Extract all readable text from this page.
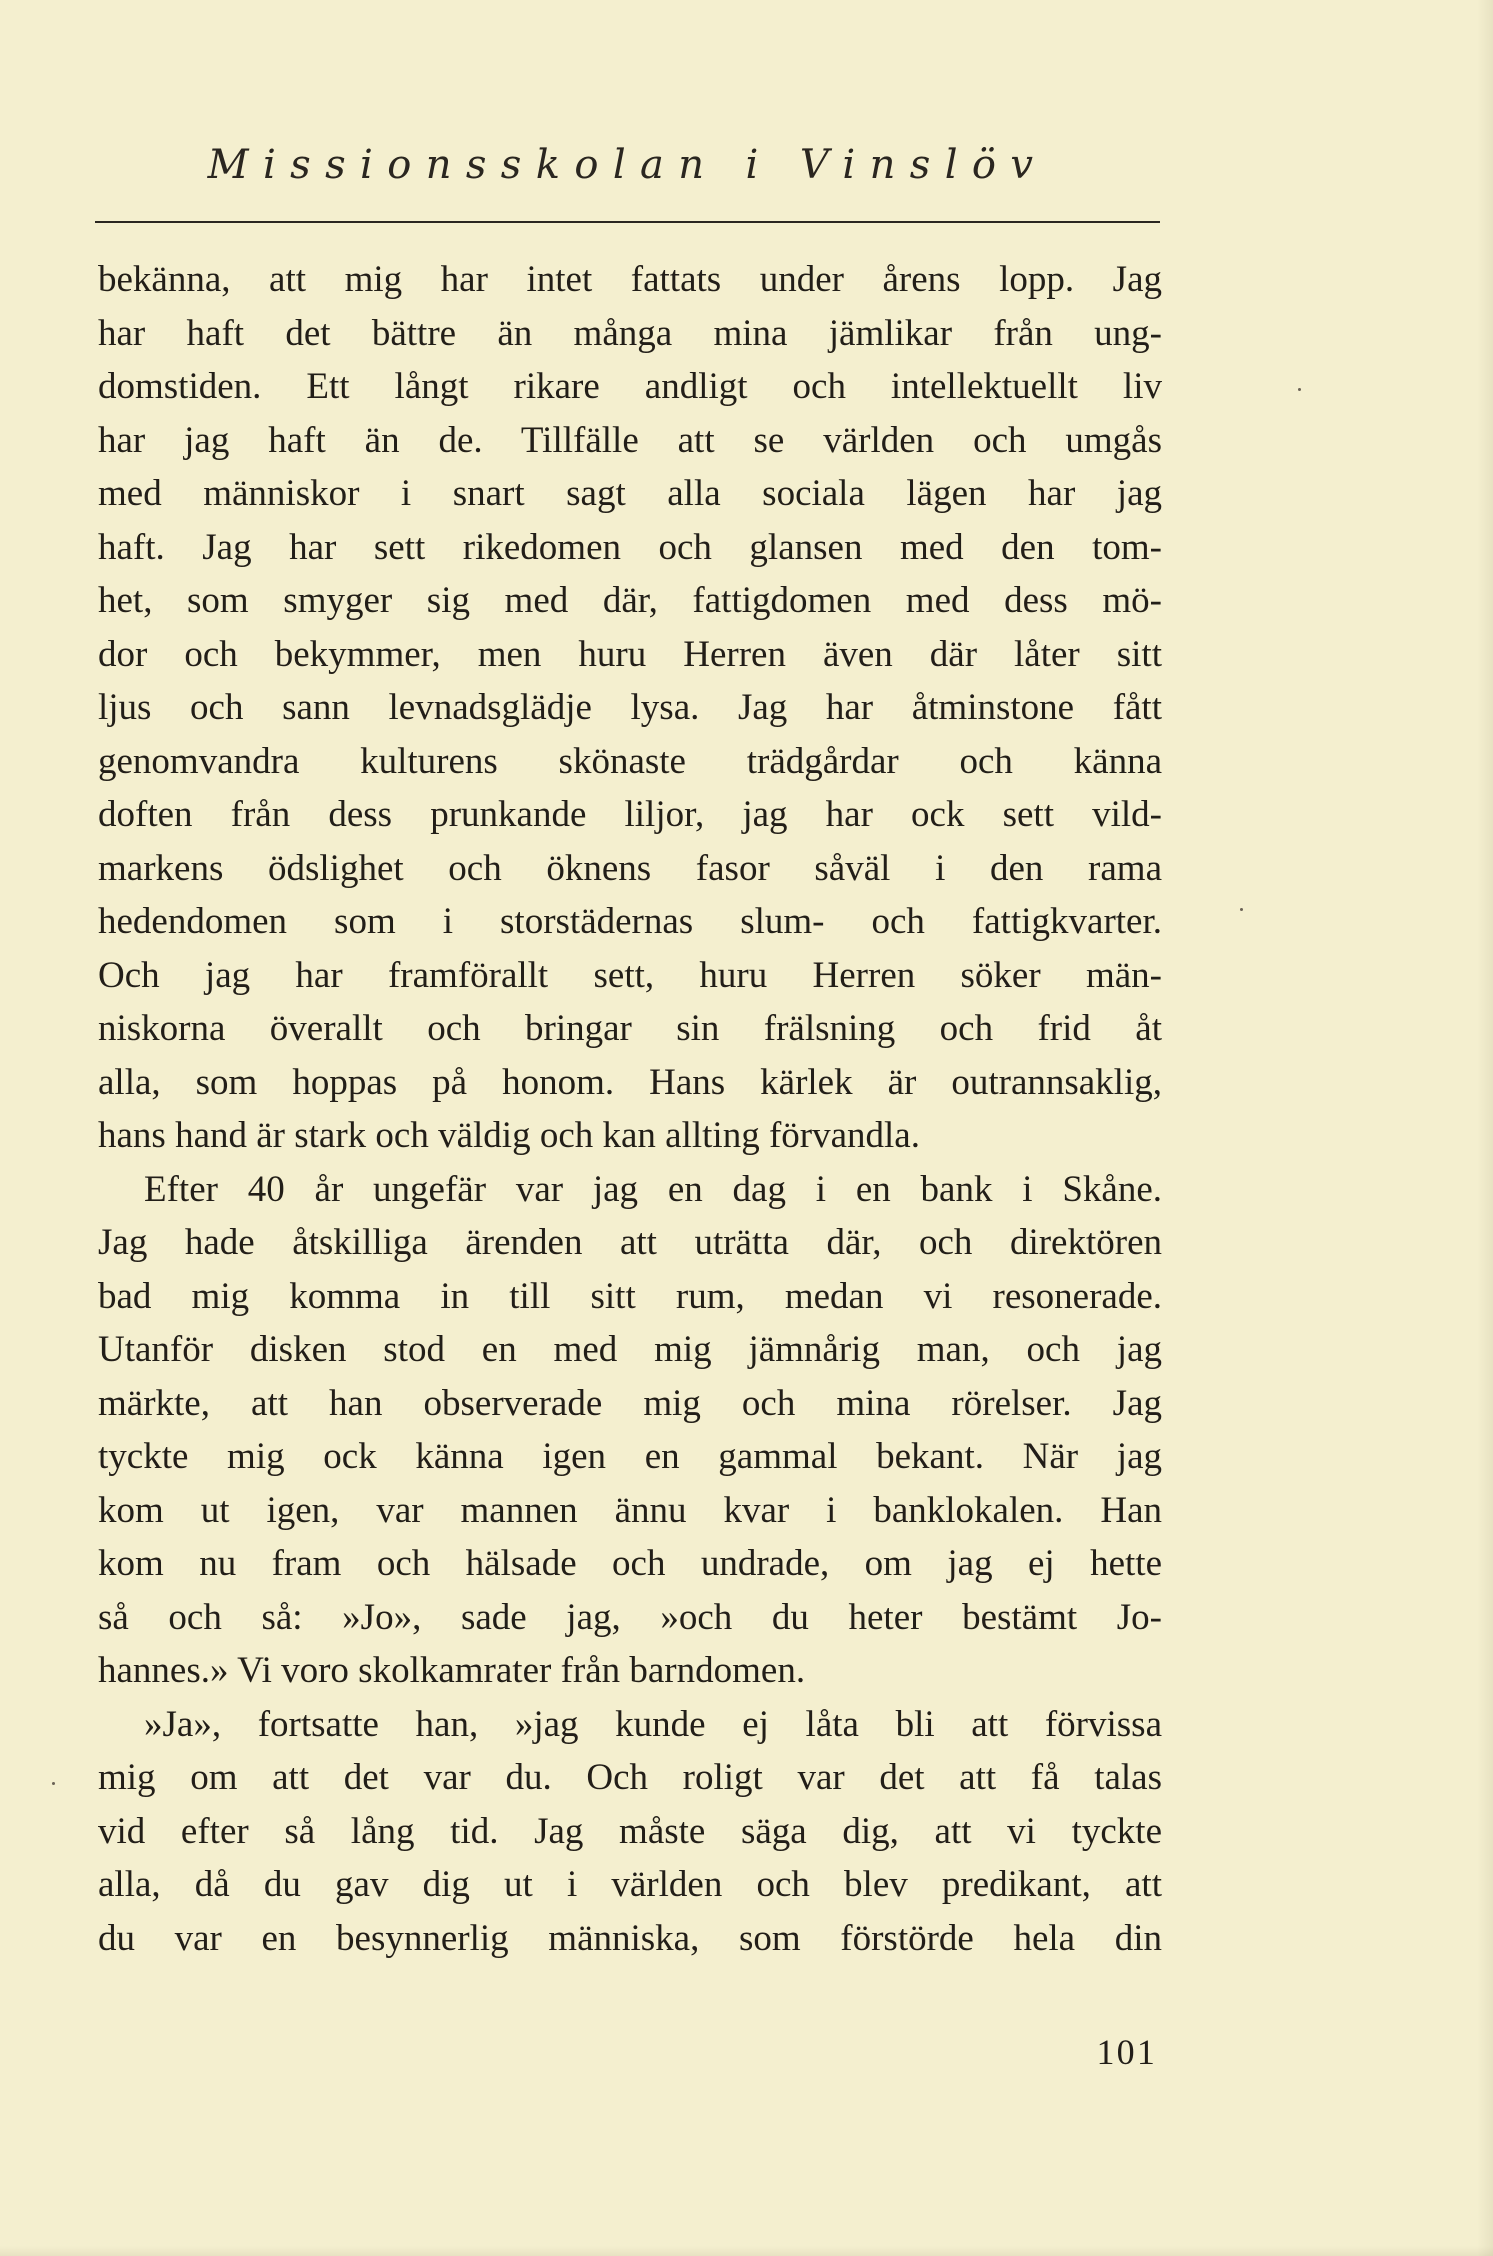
Missionsskolan i Vinslöv
bekänna, att mig har intet fattats under årens lopp. Jag
har haft det bättre än många mina jämlikar från ung-
domstiden. Ett långt rikare andligt och intellektuellt liv
har jag haft än de. Tillfälle att se världen och umgås
med människor i snart sagt alla sociala lägen har jag
haft. Jag har sett rikedomen och glansen med den tom-
het, som smyger sig med där, fattigdomen med dess mö-
dor och bekymmer, men huru Herren även där låter sitt
ljus och sann levnadsglädje lysa. Jag har åtminstone fått
genomvandra kulturens skönaste trädgårdar och känna
doften från dess prunkande liljor, jag har ock sett vild-
markens ödslighet och öknens fasor såväl i den rama
hedendomen som i storstädernas slum- och fattigkvarter.
Och jag har framförallt sett, huru Herren söker män-
niskorna överallt och bringar sin frälsning och frid åt
alla, som hoppas på honom. Hans kärlek är outrannsaklig,
hans hand är stark och väldig och kan allting förvandla.
Efter 40 år ungefär var jag en dag i en bank i Skåne.
Jag hade åtskilliga ärenden att uträtta där, och direktören
bad mig komma in till sitt rum, medan vi resonerade.
Utanför disken stod en med mig jämnårig man, och jag
märkte, att han observerade mig och mina rörelser. Jag
tyckte mig ock känna igen en gammal bekant. När jag
kom ut igen, var mannen ännu kvar i banklokalen. Han
kom nu fram och hälsade och undrade, om jag ej hette
så och så: »Jo», sade jag, »och du heter bestämt Jo-
hannes.» Vi voro skolkamrater från barndomen.
»Ja», fortsatte han, »jag kunde ej låta bli att förvissa
mig om att det var du. Och roligt var det att få talas
vid efter så lång tid. Jag måste säga dig, att vi tyckte
alla, då du gav dig ut i världen och blev predikant, att
du var en besynnerlig människa, som förstörde hela din
101
